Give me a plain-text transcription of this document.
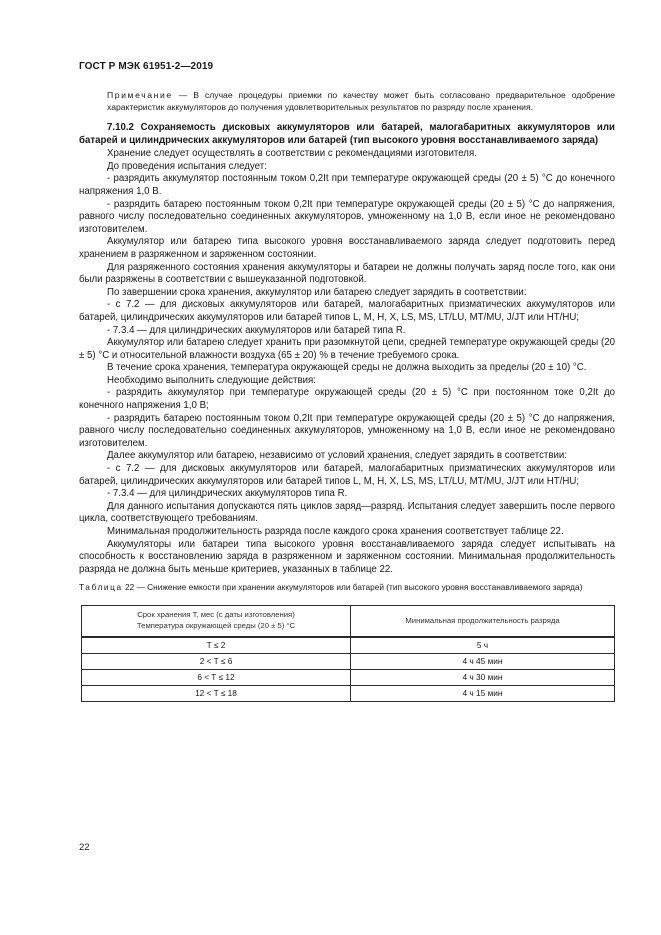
ГОСТ Р МЭК 61951-2—2019

Примечание — В случае процедуры приемки по качеству может быть согласовано предварительное одобрение характеристик аккумуляторов до получения удовлетворительных результатов по разряду после хранения.

7.10.2 Сохраняемость дисковых аккумуляторов или батарей, малогабаритных аккумуляторов или батарей и цилиндрических аккумуляторов или батарей (тип высокого уровня восстанавливаемого заряда)

Хранение следует осуществлять в соответствии с рекомендациями изготовителя.

До проведения испытания следует:

- разрядить аккумулятор постоянным током 0,2It при температуре окружающей среды (20 ± 5) °С до конечного напряжения 1,0 В.

- разрядить батарею постоянным током 0,2It при температуре окружающей среды (20 ± 5) °С до напряжения, равного числу последовательно соединенных аккумуляторов, умноженному на 1,0 В, если иное не рекомендовано изготовителем.

Аккумулятор или батарею типа высокого уровня восстанавливаемого заряда следует подготовить перед хранением в разряженном и заряженном состоянии.

Для разряженного состояния хранения аккумуляторы и батареи не должны получать заряд после того, как они были разряжены в соответствии с вышеуказанной подготовкой.

По завершении срока хранения, аккумулятор или батарею следует зарядить в соответствии:

- с 7.2 — для дисковых аккумуляторов или батарей, малогабаритных призматических аккумуляторов или батарей, цилиндрических аккумуляторов или батарей типов L, M, H, X, LS, MS, LT/LU, MT/MU, J/JT или HT/HU;

- 7.3.4 — для цилиндрических аккумуляторов или батарей типа R.

Аккумулятор или батарею следует хранить при разомкнутой цепи, средней температуре окружающей среды (20 ± 5) °С и относительной влажности воздуха (65 ± 20) % в течение требуемого срока.

В течение срока хранения, температура окружающей среды не должна выходить за пределы (20 ± 10) °С.

Необходимо выполнить следующие действия:

- разрядить аккумулятор при температуре окружающей среды (20 ± 5) °С при постоянном токе 0,2It до конечного напряжения 1,0 В;

- разрядить батарею постоянным током 0,2It при температуре окружающей среды (20 ± 5) °С до напряжения, равного числу последовательно соединенных аккумуляторов, умноженному на 1,0 В, если иное не рекомендовано изготовителем.

Далее аккумулятор или батарею, независимо от условий хранения, следует зарядить в соответствии:

- с 7.2 — для дисковых аккумуляторов или батарей, малогабаритных призматических аккумуляторов или батарей, цилиндрических аккумуляторов или батарей типов L, M, H, X, LS, MS, LT/LU, MT/MU, J/JT или HT/HU;

- 7.3.4 — для цилиндрических аккумуляторов типа R.

Для данного испытания допускаются пять циклов заряд—разряд. Испытания следует завершить после первого цикла, соответствующего требованиям.

Минимальная продолжительность разряда после каждого срока хранения соответствует таблице 22.

Аккумуляторы или батареи типа высокого уровня восстанавливаемого заряда следует испытывать на способность к восстановлению заряда в разряженном и заряженном состоянии. Минимальная продолжительность разряда не должна быть меньше критериев, указанных в таблице 22.

Таблица 22 — Снижение емкости при хранении аккумуляторов или батарей (тип высокого уровня восстанавливаемого заряда)

Срок хранения T, мес (с даты изготовления)
Температура окружающей среды (20 ± 5) °С	Минимальная продолжительность разряда
T ≤ 2	5 ч
2 < T ≤ 6	4 ч 45 мин
6 < T ≤ 12	4 ч 30 мин
12 < T ≤ 18	4 ч 15 мин
22
